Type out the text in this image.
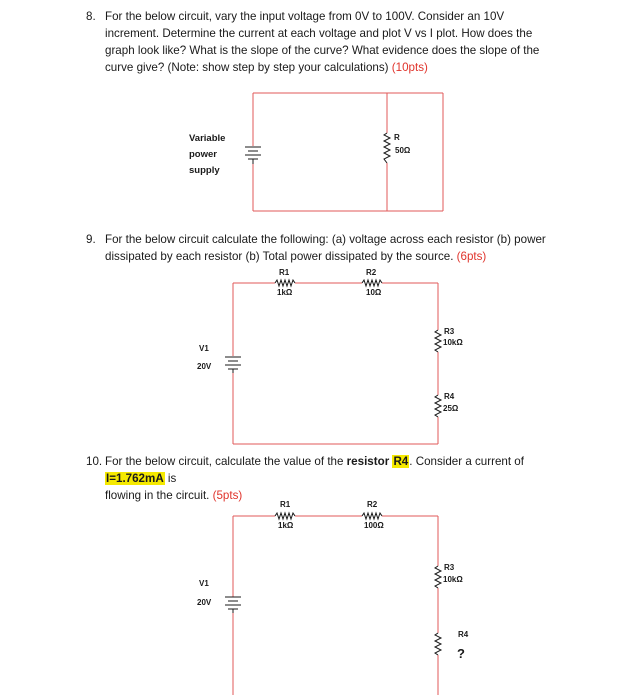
8. For the below circuit, vary the input voltage from 0V to 100V. Consider an 10V
increment. Determine the current at each voltage and plot V vs I plot. How does the
graph look like? What is the slope of the curve? What evidence does the slope of the
curve give? (Note: show step by step your calculations) (10pts)
Variable
power
supply
R
50Ω
9. For the below circuit calculate the following: (a) voltage across each resistor (b) power
dissipated by each resistor (b) Total power dissipated by the source. (6pts)
R1
1kΩ
R2
10Ω
R3
10kΩ
R4
25Ω
V1
20V
10. For the below circuit, calculate the value of the resistor R4. Consider a current of I=1.762mA is
flowing in the circuit. (5pts)
R1
1kΩ
R2
100Ω
R3
10kΩ
R4
?
V1
20V
